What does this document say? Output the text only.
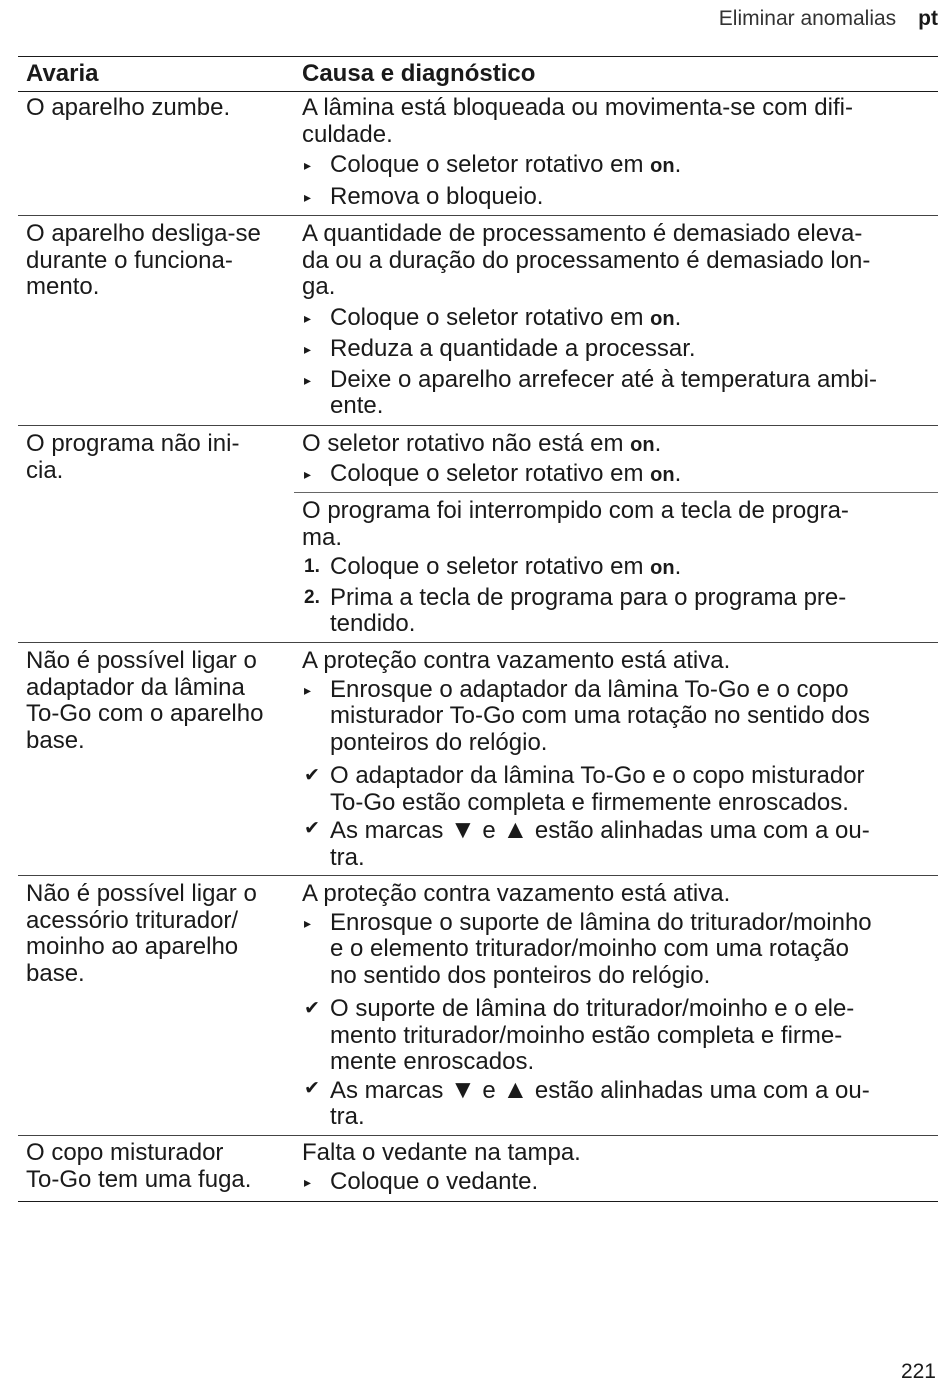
Eliminar anomalias pt
Avaria	Causa e diagnóstico
O aparelho zumbe.	A lâmina está bloqueada ou movimenta-se com difi-
culdade.
▸ Coloque o seletor rotativo em on.
▸ Remova o bloqueio.
O aparelho desliga-se
durante o funciona-
mento.
A quantidade de processamento é demasiado eleva-
da ou a duração do processamento é demasiado lon-
ga.
▸ Coloque o seletor rotativo em on.
▸ Reduza a quantidade a processar.
▸ Deixe o aparelho arrefecer até à temperatura ambi-
ente.
O programa não ini-
cia.
O seletor rotativo não está em on.
▸ Coloque o seletor rotativo em on.
O programa foi interrompido com a tecla de progra-
ma.
1. Coloque o seletor rotativo em on.
2. Prima a tecla de programa para o programa pre-
tendido.
Não é possível ligar o
adaptador da lâmina
To-Go com o aparelho
base.
A proteção contra vazamento está ativa.
▸ Enrosque o adaptador da lâmina To-Go e o copo
misturador To-Go com uma rotação no sentido dos
ponteiros do relógio.
✔ O adaptador da lâmina To-Go e o copo misturador
To-Go estão completa e firmemente enroscados.
✔ As marcas ▼ e ▲ estão alinhadas uma com a ou-
tra.
Não é possível ligar o
acessório triturador/
moinho ao aparelho
base.
A proteção contra vazamento está ativa.
▸ Enrosque o suporte de lâmina do triturador/moinho
e o elemento triturador/moinho com uma rotação
no sentido dos ponteiros do relógio.
✔ O suporte de lâmina do triturador/moinho e o ele-
mento triturador/moinho estão completa e firme-
mente enroscados.
✔ As marcas ▼ e ▲ estão alinhadas uma com a ou-
tra.
O copo misturador
To-Go tem uma fuga.
Falta o vedante na tampa.
▸ Coloque o vedante.
221
